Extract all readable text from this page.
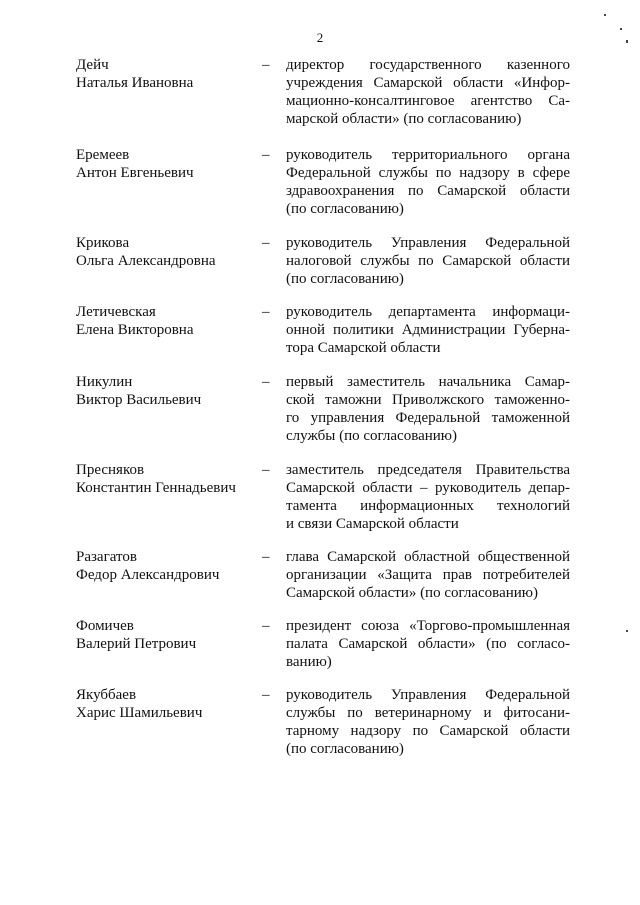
2
Дейч
Наталья Ивановна
– директор государственного казенного
учреждения Самарской области «Инфор-
мационно-консалтинговое агентство Са-
марской области» (по согласованию)
Еремеев
Антон Евгеньевич
– руководитель территориального органа
Федеральной службы по надзору в сфере
здравоохранения по Самарской области
(по согласованию)
Крикова
Ольга Александровна
– руководитель Управления Федеральной
налоговой службы по Самарской области
(по согласованию)
Летичевская
Елена Викторовна
– руководитель департамента информаци-
онной политики Администрации Губерна-
тора Самарской области
Никулин
Виктор Васильевич
– первый заместитель начальника Самар-
ской таможни Приволжского таможенно-
го управления Федеральной таможенной
службы (по согласованию)
Пресняков
Константин Геннадьевич
– заместитель председателя Правительства
Самарской области – руководитель депар-
тамента информационных технологий
и связи Самарской области
Разагатов
Федор Александрович
– глава Самарской областной общественной
организации «Защита прав потребителей
Самарской области» (по согласованию)
Фомичев
Валерий Петрович
– президент союза «Торгово-промышленная
палата Самарской области» (по согласо-
ванию)
Якуббаев
Харис Шамильевич
– руководитель Управления Федеральной
службы по ветеринарному и фитосани-
тарному надзору по Самарской области
(по согласованию)
